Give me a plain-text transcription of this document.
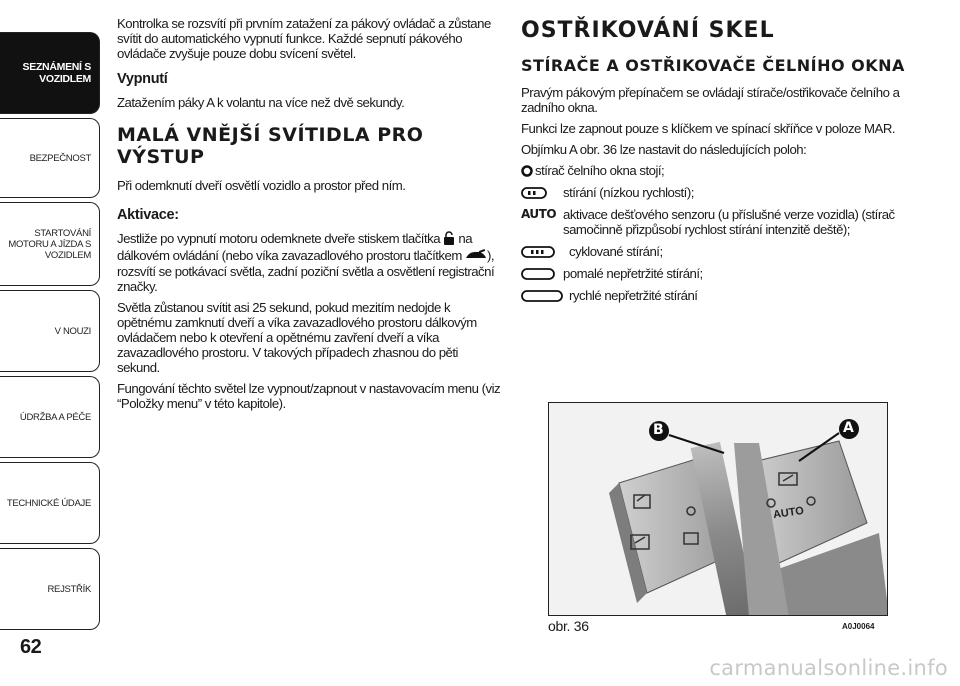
SEZNÁMENÍ S VOZIDLEM
BEZPEČNOST
STARTOVÁNÍ MOTORU A JÍZDA S VOZIDLEM
V NOUZI
ÚDRŽBA A PÉČE
TECHNICKÉ ÚDAJE
REJSTŘÍK
62

Kontrolka se rozsvítí při prvním zatažení za pákový ovládač a zůstane svítit do automatického vypnutí funkce. Každé sepnutí pákového ovládače zvyšuje pouze dobu svícení světel.

Vypnutí

Zatažením páky A k volantu na více než dvě sekundy.

MALÁ VNĚJŠÍ SVÍTIDLA PRO VÝSTUP

Při odemknutí dveří osvětlí vozidlo a prostor před ním.

Aktivace:

Jestliže po vypnutí motoru odemknete dveře stiskem tlačítka na dálkovém ovládání (nebo víka zavazadlového prostoru tlačítkem ), rozsvítí se potkávací světla, zadní poziční světla a osvětlení registrační značky.

Světla zůstanou svítit asi 25 sekund, pokud mezitím nedojde k opětnému zamknutí dveří a víka zavazadlového prostoru dálkovým ovládačem nebo k otevření a opětnému zavření dveří a víka zavazadlového prostoru. V takových případech zhasnou do pěti sekund.

Fungování těchto světel lze vypnout/zapnout v nastavovacím menu (viz “Položky menu” v této kapitole).

OSTŘIKOVÁNÍ SKEL
STÍRAČE A OSTŘIKOVAČE ČELNÍHO OKNA

Pravým pákovým přepínačem se ovládají stírače/ostřikovače čelního a zadního okna.

Funkci lze zapnout pouze s klíčkem ve spínací skříňce v poloze MAR.

Objímku A obr. 36 lze nastavit do následujících poloh:

stírač čelního okna stojí;
stírání (nízkou rychlostí);
AUTO aktivace dešťového senzoru (u příslušné verze vozidla) (stírač samočinně přizpůsobí rychlost stírání intenzitě deště);
cyklované stírání;
pomalé nepřetržité stírání;
rychlé nepřetržité stírání
B	A
AUTO
obr. 36	A0J0064
carmanualsonline.info
